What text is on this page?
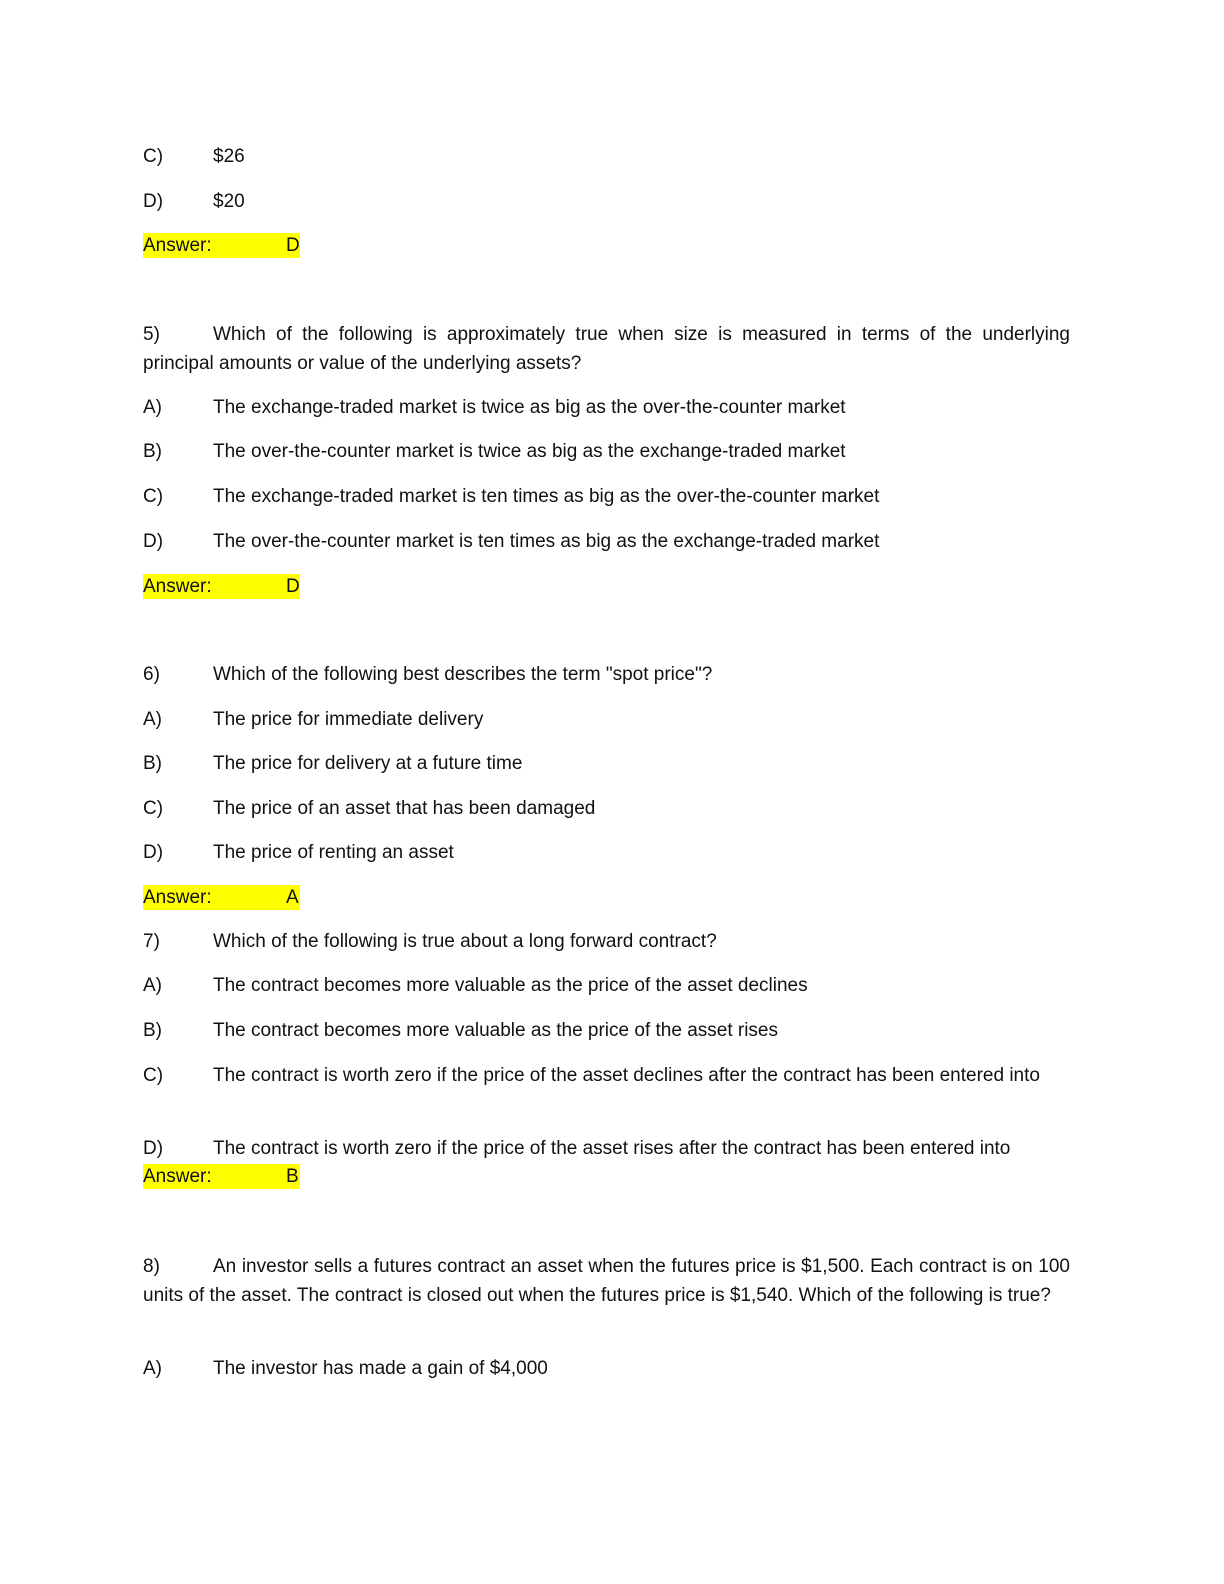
C)	$26
D)	$20
Answer:	D
5)	Which of the following is approximately true when size is measured in terms of the underlying principal amounts or value of the underlying assets?
A)	The exchange-traded market is twice as big as the over-the-counter market
B)	The over-the-counter market is twice as big as the exchange-traded market
C)	The exchange-traded market is ten times as big as the over-the-counter market
D)	The over-the-counter market is ten times as big as the exchange-traded market
Answer:	D
6)	Which of the following best describes the term "spot price"?
A)	The price for immediate delivery
B)	The price for delivery at a future time
C)	The price of an asset that has been damaged
D)	The price of renting an asset
Answer:	A
7)	Which of the following is true about a long forward contract?
A)	The contract becomes more valuable as the price of the asset declines
B)	The contract becomes more valuable as the price of the asset rises
C)	The contract is worth zero if the price of the asset declines after the contract has been entered into
D)	The contract is worth zero if the price of the asset rises after the contract has been entered into
Answer:	B
8)	An investor sells a futures contract an asset when the futures price is $1,500. Each contract is on 100 units of the asset. The contract is closed out when the futures price is $1,540. Which of the following is true?
A)	The investor has made a gain of $4,000
